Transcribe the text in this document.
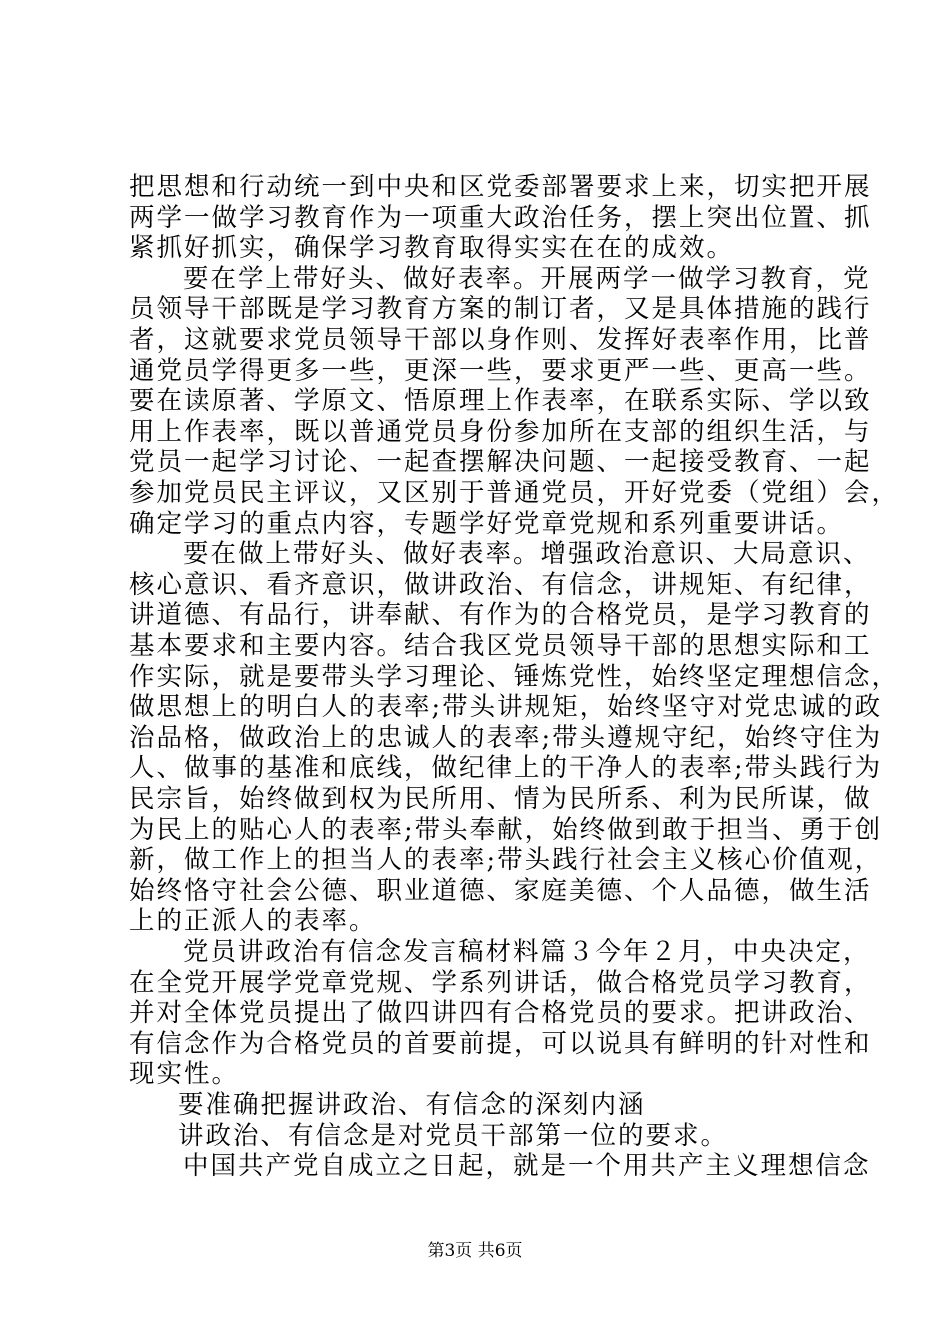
把思想和行动统一到中央和区党委部署要求上来，切实把开展
两学一做学习教育作为一项重大政治任务，摆上突出位置、抓
紧抓好抓实，确保学习教育取得实实在在的成效。
要在学上带好头、做好表率。开展两学一做学习教育，党
员领导干部既是学习教育方案的制订者，又是具体措施的践行
者，这就要求党员领导干部以身作则、发挥好表率作用，比普
通党员学得更多一些，更深一些，要求更严一些、更高一些。
要在读原著、学原文、悟原理上作表率，在联系实际、学以致
用上作表率，既以普通党员身份参加所在支部的组织生活，与
党员一起学习讨论、一起查摆解决问题、一起接受教育、一起
参加党员民主评议，又区别于普通党员，开好党委（党组）会，
确定学习的重点内容，专题学好党章党规和系列重要讲话。
要在做上带好头、做好表率。增强政治意识、大局意识、
核心意识、看齐意识，做讲政治、有信念，讲规矩、有纪律，
讲道德、有品行，讲奉献、有作为的合格党员，是学习教育的
基本要求和主要内容。结合我区党员领导干部的思想实际和工
作实际，就是要带头学习理论、锤炼党性，始终坚定理想信念，
做思想上的明白人的表率;带头讲规矩，始终坚守对党忠诚的政
治品格，做政治上的忠诚人的表率;带头遵规守纪，始终守住为
人、做事的基准和底线，做纪律上的干净人的表率;带头践行为
民宗旨，始终做到权为民所用、情为民所系、利为民所谋，做
为民上的贴心人的表率;带头奉献，始终做到敢于担当、勇于创
新，做工作上的担当人的表率;带头践行社会主义核心价值观，
始终恪守社会公德、职业道德、家庭美德、个人品德，做生活
上的正派人的表率。
党员讲政治有信念发言稿材料篇３今年２月，中央决定，
在全党开展学党章党规、学系列讲话，做合格党员学习教育，
并对全体党员提出了做四讲四有合格党员的要求。把讲政治、
有信念作为合格党员的首要前提，可以说具有鲜明的针对性和
现实性。
要准确把握讲政治、有信念的深刻内涵
讲政治、有信念是对党员干部第一位的要求。
中国共产党自成立之日起，就是一个用共产主义理想信念
第3页 共6页
